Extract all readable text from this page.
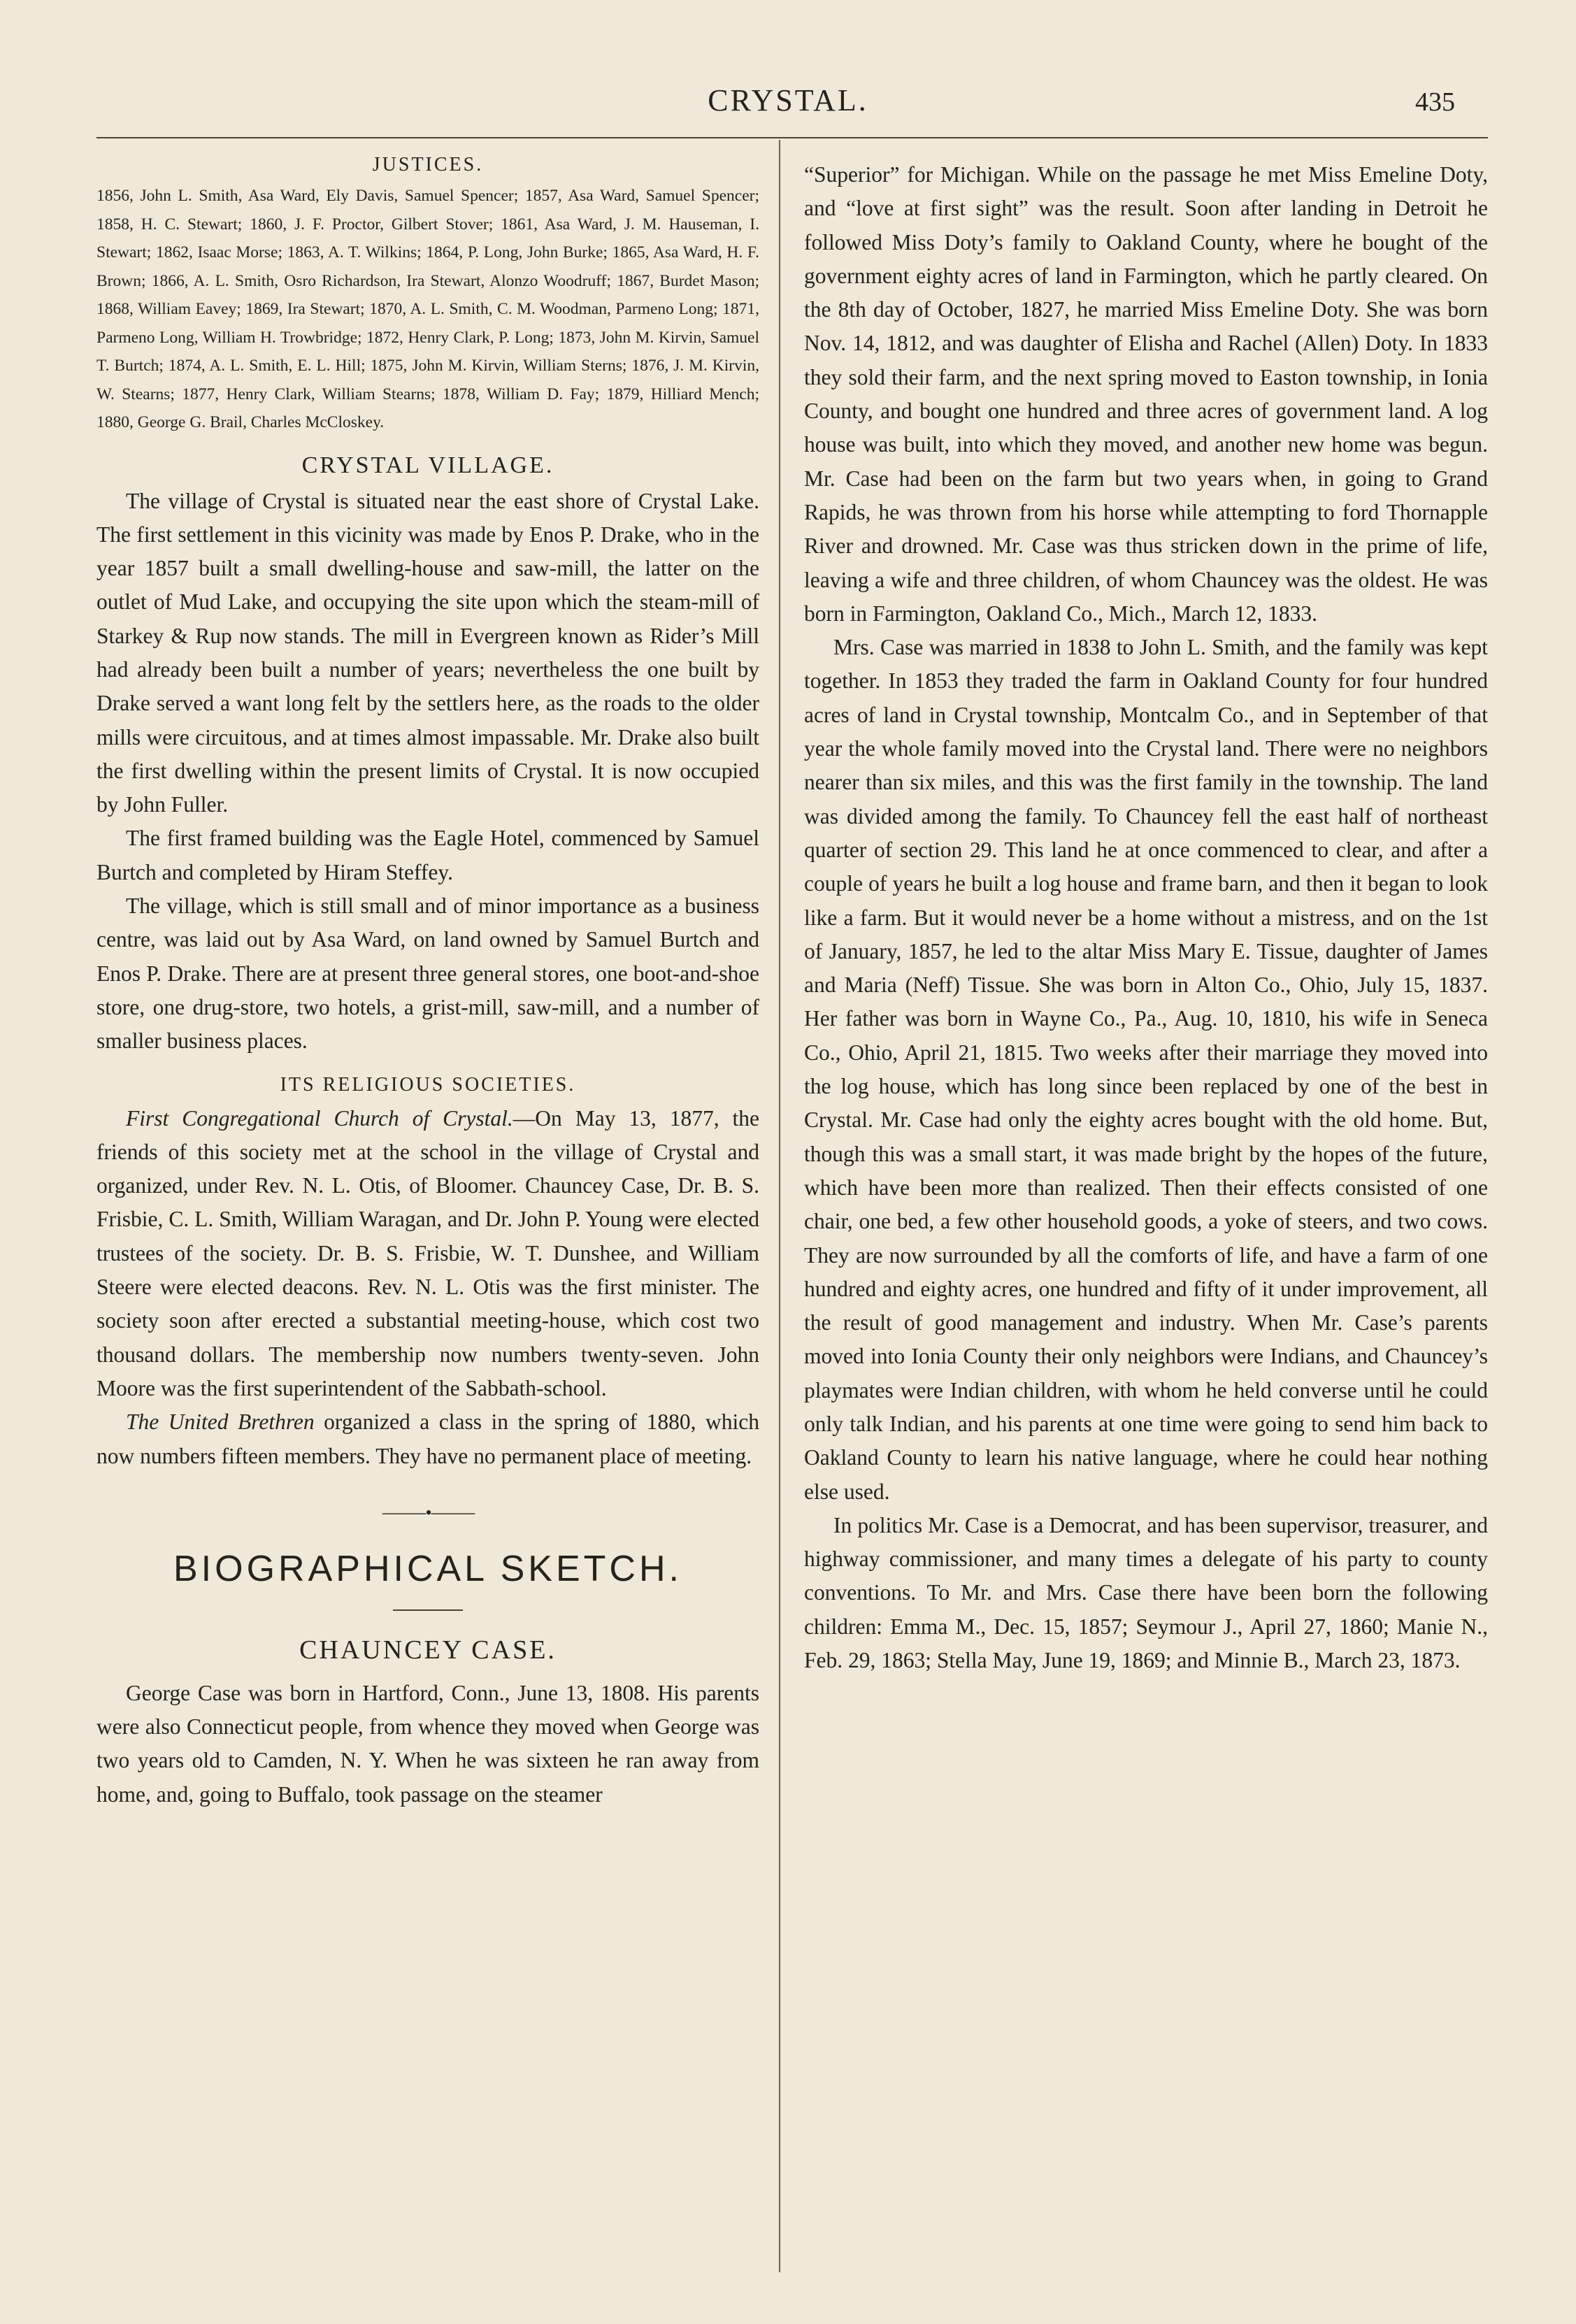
CRYSTAL.	435
JUSTICES.

1856, John L. Smith, Asa Ward, Ely Davis, Samuel Spencer; 1857, Asa Ward, Samuel Spencer; 1858, H. C. Stewart; 1860, J. F. Proctor, Gilbert Stover; 1861, Asa Ward, J. M. Hauseman, I. Stewart; 1862, Isaac Morse; 1863, A. T. Wilkins; 1864, P. Long, John Burke; 1865, Asa Ward, H. F. Brown; 1866, A. L. Smith, Osro Richardson, Ira Stewart, Alonzo Woodruff; 1867, Burdet Mason; 1868, William Eavey; 1869, Ira Stewart; 1870, A. L. Smith, C. M. Woodman, Parmeno Long; 1871, Parmeno Long, William H. Trowbridge; 1872, Henry Clark, P. Long; 1873, John M. Kirvin, Samuel T. Burtch; 1874, A. L. Smith, E. L. Hill; 1875, John M. Kirvin, William Sterns; 1876, J. M. Kirvin, W. Stearns; 1877, Henry Clark, William Stearns; 1878, William D. Fay; 1879, Hilliard Mench; 1880, George G. Brail, Charles McCloskey.

CRYSTAL VILLAGE.

The village of Crystal is situated near the east shore of Crystal Lake. The first settlement in this vicinity was made by Enos P. Drake, who in the year 1857 built a small dwelling-house and saw-mill, the latter on the outlet of Mud Lake, and occupying the site upon which the steam-mill of Starkey & Rup now stands. The mill in Evergreen known as Rider’s Mill had already been built a number of years; nevertheless the one built by Drake served a want long felt by the settlers here, as the roads to the older mills were circuitous, and at times almost impassable. Mr. Drake also built the first dwelling within the present limits of Crystal. It is now occupied by John Fuller.

The first framed building was the Eagle Hotel, commenced by Samuel Burtch and completed by Hiram Steffey.

The village, which is still small and of minor importance as a business centre, was laid out by Asa Ward, on land owned by Samuel Burtch and Enos P. Drake. There are at present three general stores, one boot-and-shoe store, one drug-store, two hotels, a grist-mill, saw-mill, and a number of smaller business places.

ITS RELIGIOUS SOCIETIES.

First Congregational Church of Crystal.—On May 13, 1877, the friends of this society met at the school in the village of Crystal and organized, under Rev. N. L. Otis, of Bloomer. Chauncey Case, Dr. B. S. Frisbie, C. L. Smith, William Waragan, and Dr. John P. Young were elected trustees of the society. Dr. B. S. Frisbie, W. T. Dunshee, and William Steere were elected deacons. Rev. N. L. Otis was the first minister. The society soon after erected a substantial meeting-house, which cost two thousand dollars. The membership now numbers twenty-seven. John Moore was the first superintendent of the Sabbath-school.

The United Brethren organized a class in the spring of 1880, which now numbers fifteen members. They have no permanent place of meeting.

⸻•⸻
BIOGRAPHICAL SKETCH.
CHAUNCEY CASE.

George Case was born in Hartford, Conn., June 13, 1808. His parents were also Connecticut people, from whence they moved when George was two years old to Camden, N. Y. When he was sixteen he ran away from home, and, going to Buffalo, took passage on the steamer

“Superior” for Michigan. While on the passage he met Miss Emeline Doty, and “love at first sight” was the result. Soon after landing in Detroit he followed Miss Doty’s family to Oakland County, where he bought of the government eighty acres of land in Farmington, which he partly cleared. On the 8th day of October, 1827, he married Miss Emeline Doty. She was born Nov. 14, 1812, and was daughter of Elisha and Rachel (Allen) Doty. In 1833 they sold their farm, and the next spring moved to Easton township, in Ionia County, and bought one hundred and three acres of government land. A log house was built, into which they moved, and another new home was begun. Mr. Case had been on the farm but two years when, in going to Grand Rapids, he was thrown from his horse while attempting to ford Thornapple River and drowned. Mr. Case was thus stricken down in the prime of life, leaving a wife and three children, of whom Chauncey was the oldest. He was born in Farmington, Oakland Co., Mich., March 12, 1833.

Mrs. Case was married in 1838 to John L. Smith, and the family was kept together. In 1853 they traded the farm in Oakland County for four hundred acres of land in Crystal township, Montcalm Co., and in September of that year the whole family moved into the Crystal land. There were no neighbors nearer than six miles, and this was the first family in the township. The land was divided among the family. To Chauncey fell the east half of northeast quarter of section 29. This land he at once commenced to clear, and after a couple of years he built a log house and frame barn, and then it began to look like a farm. But it would never be a home without a mistress, and on the 1st of January, 1857, he led to the altar Miss Mary E. Tissue, daughter of James and Maria (Neff) Tissue. She was born in Alton Co., Ohio, July 15, 1837. Her father was born in Wayne Co., Pa., Aug. 10, 1810, his wife in Seneca Co., Ohio, April 21, 1815. Two weeks after their marriage they moved into the log house, which has long since been replaced by one of the best in Crystal. Mr. Case had only the eighty acres bought with the old home. But, though this was a small start, it was made bright by the hopes of the future, which have been more than realized. Then their effects consisted of one chair, one bed, a few other household goods, a yoke of steers, and two cows. They are now surrounded by all the comforts of life, and have a farm of one hundred and eighty acres, one hundred and fifty of it under improvement, all the result of good management and industry. When Mr. Case’s parents moved into Ionia County their only neighbors were Indians, and Chauncey’s playmates were Indian children, with whom he held converse until he could only talk Indian, and his parents at one time were going to send him back to Oakland County to learn his native language, where he could hear nothing else used.

In politics Mr. Case is a Democrat, and has been supervisor, treasurer, and highway commissioner, and many times a delegate of his party to county conventions. To Mr. and Mrs. Case there have been born the following children: Emma M., Dec. 15, 1857; Seymour J., April 27, 1860; Manie N., Feb. 29, 1863; Stella May, June 19, 1869; and Minnie B., March 23, 1873.
